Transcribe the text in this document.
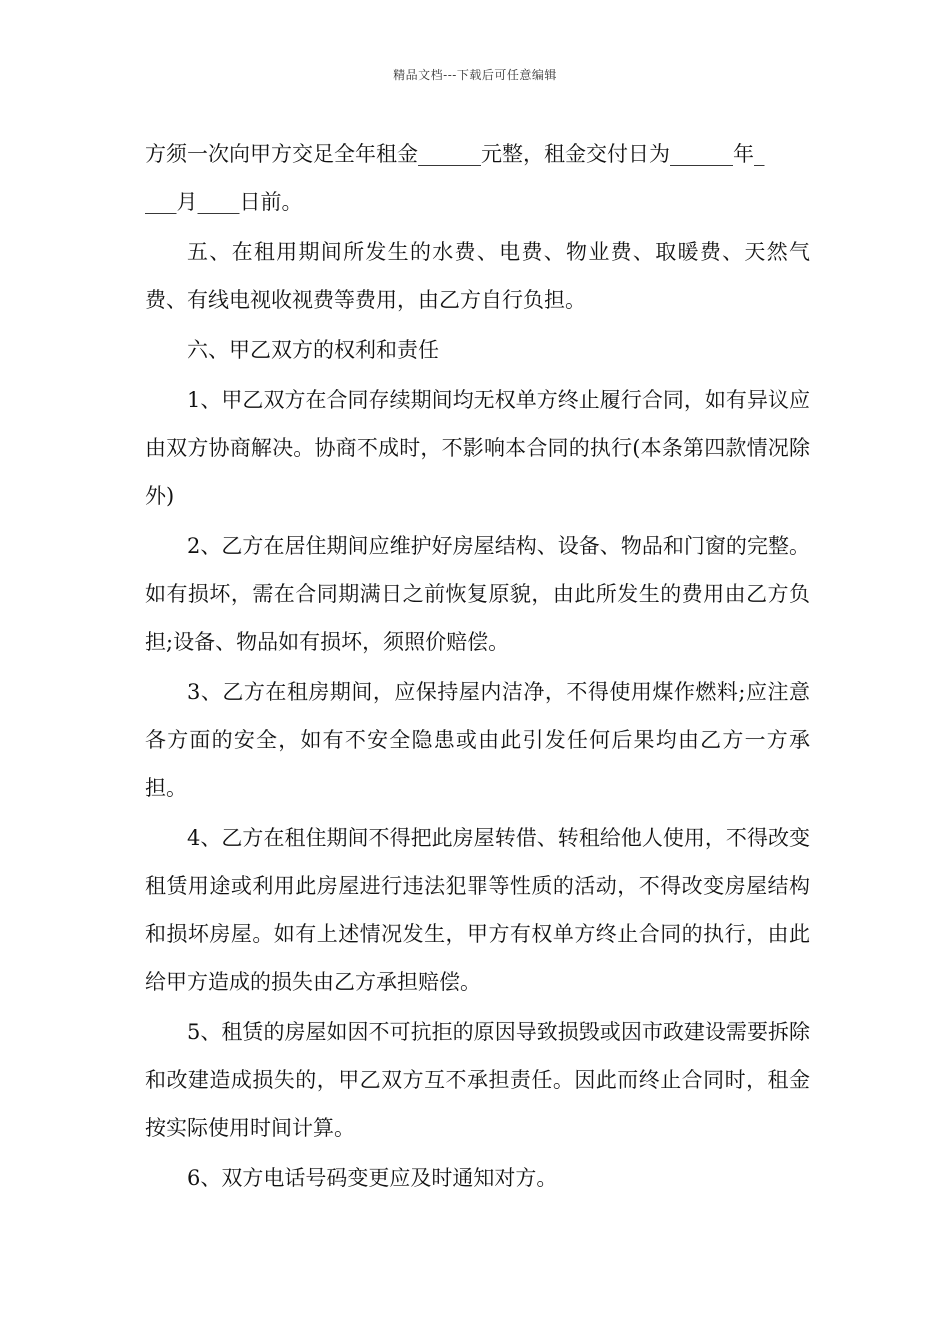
精品文档---下载后可任意编辑

方须一次向甲方交足全年租金______元整，租金交付日为______年_
___月____日前。

五、在租用期间所发生的水费、电费、物业费、取暖费、天然气费、有线电视收视费等费用，由乙方自行负担。

六、甲乙双方的权利和责任

1、甲乙双方在合同存续期间均无权单方终止履行合同，如有异议应由双方协商解决。协商不成时，不影响本合同的执行(本条第四款情况除外)

2、乙方在居住期间应维护好房屋结构、设备、物品和门窗的完整。如有损坏，需在合同期满日之前恢复原貌，由此所发生的费用由乙方负担;设备、物品如有损坏，须照价赔偿。

3、乙方在租房期间，应保持屋内洁净，不得使用煤作燃料;应注意各方面的安全，如有不安全隐患或由此引发任何后果均由乙方一方承担。

4、乙方在租住期间不得把此房屋转借、转租给他人使用，不得改变租赁用途或利用此房屋进行违法犯罪等性质的活动，不得改变房屋结构和损坏房屋。如有上述情况发生，甲方有权单方终止合同的执行，由此给甲方造成的损失由乙方承担赔偿。

5、租赁的房屋如因不可抗拒的原因导致损毁或因市政建设需要拆除和改建造成损失的，甲乙双方互不承担责任。因此而终止合同时，租金按实际使用时间计算。

6、双方电话号码变更应及时通知对方。
